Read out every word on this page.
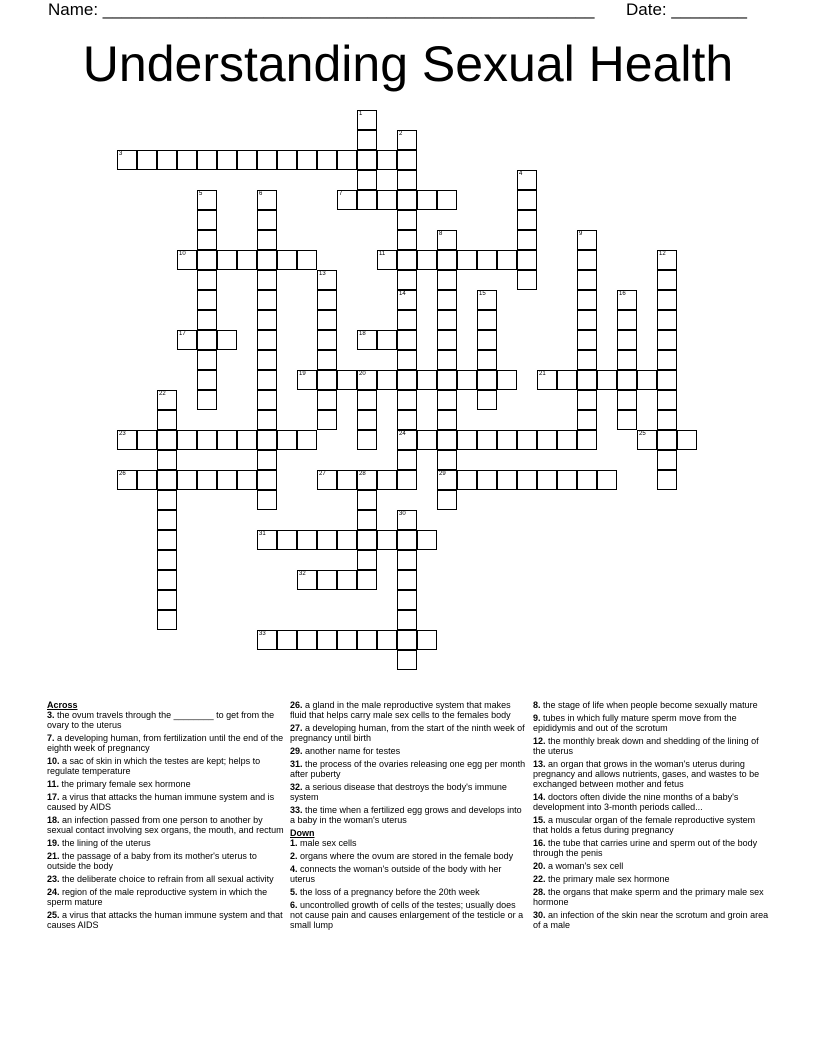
Name: ____________________________________________________

Date: ________

Understanding Sexual Health
1
2
3
4
5	6	7
8
29
9
10	11	12
13
14
24
15	16
17	18
19	20	21
22
23	25
26	27	28
30
31
32
33

Across

3. the ovum travels through the ________ to get from the ovary to the uterus

7. a developing human, from fertilization until the end of the eighth week of pregnancy

10. a sac of skin in which the testes are kept; helps to regulate temperature

11. the primary female sex hormone

17. a virus that attacks the human immune system and is caused by AIDS

18. an infection passed from one person to another by sexual contact involving sex organs, the mouth, and rectum

19. the lining of the uterus

21. the passage of a baby from its mother's uterus to outside the body

23. the deliberate choice to refrain from all sexual activity

24. region of the male reproductive system in which the sperm mature

25. a virus that attacks the human immune system and that causes AIDS

26. a gland in the male reproductive system that makes fluid that helps carry male sex cells to the females body

27. a developing human, from the start of the ninth week of pregnancy until birth

29. another name for testes

31. the process of the ovaries releasing one egg per month after puberty

32. a serious disease that destroys the body's immune system

33. the time when a fertilized egg grows and develops into a baby in the woman's uterus

Down

1. male sex cells

2. organs where the ovum are stored in the female body

4. connects the woman's outside of the body with her uterus

5. the loss of a pregnancy before the 20th week

6. uncontrolled growth of cells of the testes; usually does not cause pain and causes enlargement of the testicle or a small lump

8. the stage of life when people become sexually mature

9. tubes in which fully mature sperm move from the epididymis and out of the scrotum

12. the monthly break down and shedding of the lining of the uterus

13. an organ that grows in the woman's uterus during pregnancy and allows nutrients, gases, and wastes to be exchanged between mother and fetus

14. doctors often divide the nine months of a baby's development into 3-month periods called...

15. a muscular organ of the female reproductive system that holds a fetus during pregnancy

16. the tube that carries urine and sperm out of the body through the penis

20. a woman's sex cell

22. the primary male sex hormone

28. the organs that make sperm and the primary male sex hormone

30. an infection of the skin near the scrotum and groin area of a male
